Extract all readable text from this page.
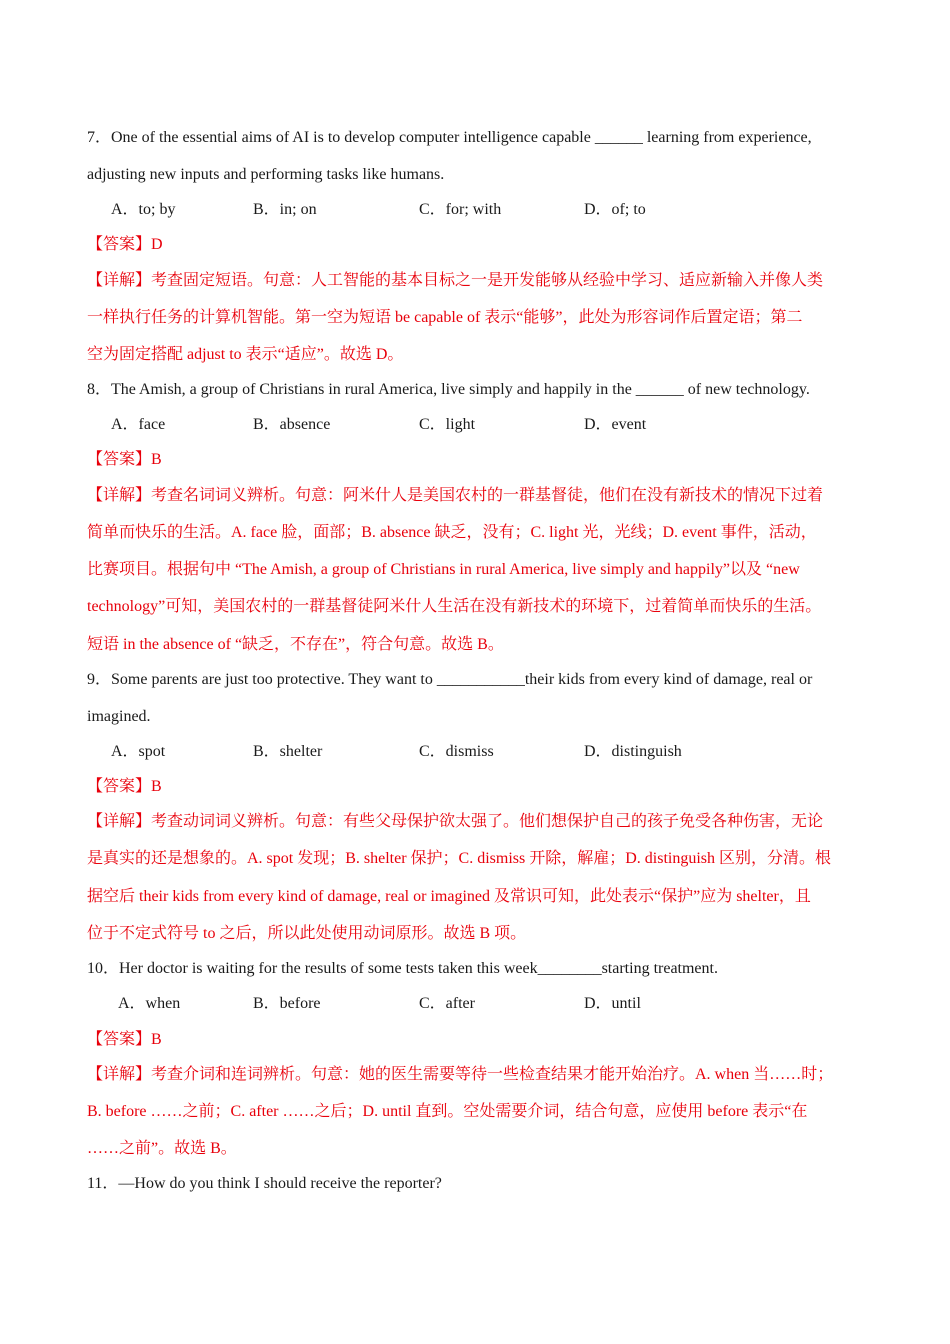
7．One of the essential aims of AI is to develop computer intelligence capable ______ learning from experience,
adjusting new inputs and performing tasks like humans.
A．to; by	B．in; on	C．for; with	D．of; to
【答案】D
【详解】考查固定短语。句意：人工智能的基本目标之一是开发能够从经验中学习、适应新输入并像人类
一样执行任务的计算机智能。第一空为短语 be capable of 表示“能够”，此处为形容词作后置定语；第二
空为固定搭配 adjust to 表示“适应”。故选 D。
8．The Amish, a group of Christians in rural America, live simply and happily in the ______ of new technology.
A．face	B．absence	C．light	D．event
【答案】B
【详解】考查名词词义辨析。句意：阿米什人是美国农村的一群基督徒，他们在没有新技术的情况下过着
简单而快乐的生活。A. face 脸，面部；B. absence 缺乏，没有；C. light 光，光线；D. event 事件，活动，
比赛项目。根据句中 “The Amish, a group of Christians in rural America, live simply and happily”以及 “new
technology”可知，美国农村的一群基督徒阿米什人生活在没有新技术的环境下，过着简单而快乐的生活。
短语 in the absence of “缺乏，不存在”，符合句意。故选 B。
9．Some parents are just too protective. They want to ___________their kids from every kind of damage, real or
imagined.
A．spot	B．shelter	C．dismiss	D．distinguish
【答案】B
【详解】考查动词词义辨析。句意：有些父母保护欲太强了。他们想保护自己的孩子免受各种伤害，无论
是真实的还是想象的。A. spot 发现；B. shelter 保护；C. dismiss 开除，解雇；D. distinguish 区别，分清。根
据空后 their kids from every kind of damage, real or imagined 及常识可知，此处表示“保护”应为 shelter，且
位于不定式符号 to 之后，所以此处使用动词原形。故选 B 项。
10．Her doctor is waiting for the results of some tests taken this week________starting treatment.
A．when	B．before	C．after	D．until
【答案】B
【详解】考查介词和连词辨析。句意：她的医生需要等待一些检查结果才能开始治疗。A. when 当……时；
B. before ……之前；C. after ……之后；D. until 直到。空处需要介词，结合句意，应使用 before 表示“在
……之前”。故选 B。
11．—How do you think I should receive the reporter?
